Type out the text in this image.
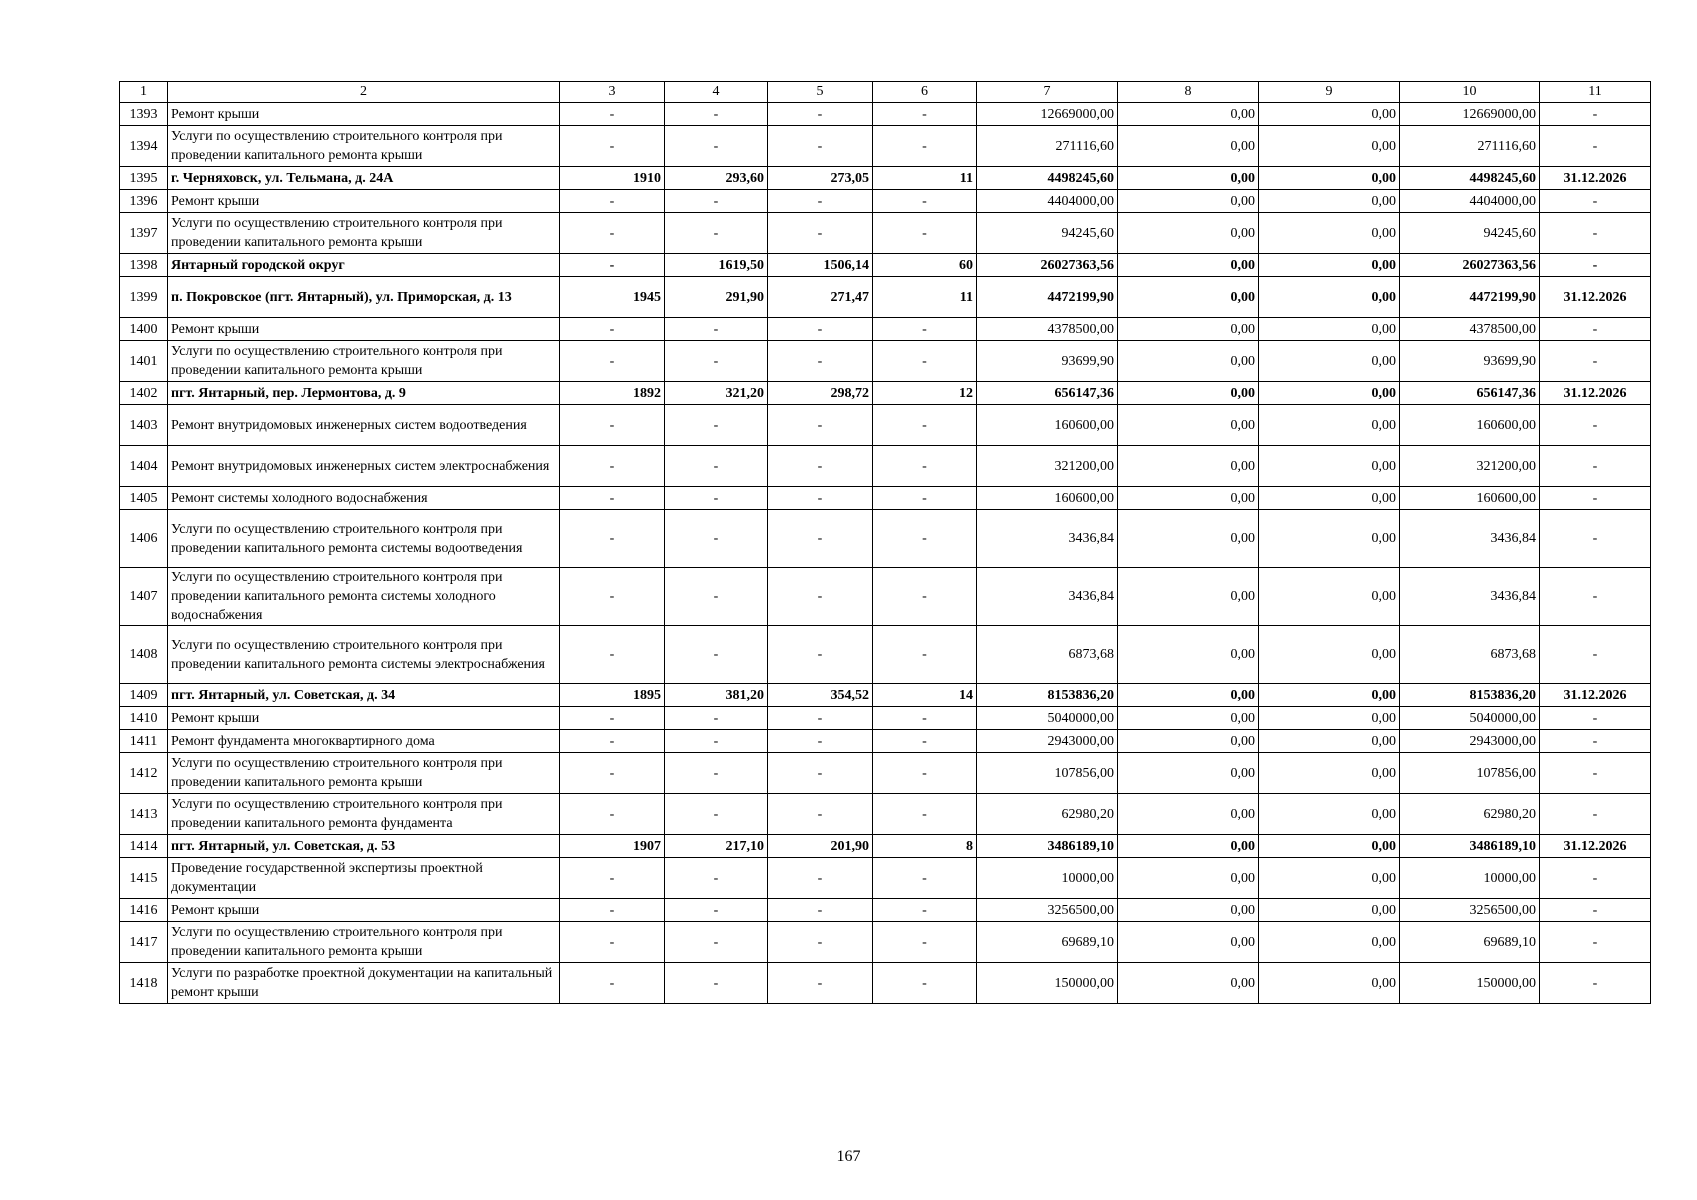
1	2	3	4	5	6	7	8	9	10	11
1393	Ремонт крыши	-	-	-	-	12669000,00	0,00	0,00	12669000,00	-
1394	Услуги по осуществлению строительного контроля при проведении капитального ремонта крыши	-	-	-	-	271116,60	0,00	0,00	271116,60	-
1395	г. Черняховск, ул. Тельмана, д. 24А	1910	293,60	273,05	11	4498245,60	0,00	0,00	4498245,60	31.12.2026
1396	Ремонт крыши	-	-	-	-	4404000,00	0,00	0,00	4404000,00	-
1397	Услуги по осуществлению строительного контроля при проведении капитального ремонта крыши	-	-	-	-	94245,60	0,00	0,00	94245,60	-
1398	Янтарный городской округ	-	1619,50	1506,14	60	26027363,56	0,00	0,00	26027363,56	-
1399	п. Покровское (пгт. Янтарный), ул. Приморская, д. 13	1945	291,90	271,47	11	4472199,90	0,00	0,00	4472199,90	31.12.2026
1400	Ремонт крыши	-	-	-	-	4378500,00	0,00	0,00	4378500,00	-
1401	Услуги по осуществлению строительного контроля при проведении капитального ремонта крыши	-	-	-	-	93699,90	0,00	0,00	93699,90	-
1402	пгт. Янтарный, пер. Лермонтова, д. 9	1892	321,20	298,72	12	656147,36	0,00	0,00	656147,36	31.12.2026
1403	Ремонт внутридомовых инженерных систем водоотведения	-	-	-	-	160600,00	0,00	0,00	160600,00	-
1404	Ремонт внутридомовых инженерных систем электроснабжения	-	-	-	-	321200,00	0,00	0,00	321200,00	-
1405	Ремонт системы холодного водоснабжения	-	-	-	-	160600,00	0,00	0,00	160600,00	-
1406	Услуги по осуществлению строительного контроля при проведении капитального ремонта системы водоотведения	-	-	-	-	3436,84	0,00	0,00	3436,84	-
1407	Услуги по осуществлению строительного контроля при проведении капитального ремонта системы холодного водоснабжения	-	-	-	-	3436,84	0,00	0,00	3436,84	-
1408	Услуги по осуществлению строительного контроля при проведении капитального ремонта системы электроснабжения	-	-	-	-	6873,68	0,00	0,00	6873,68	-
1409	пгт. Янтарный, ул. Советская, д. 34	1895	381,20	354,52	14	8153836,20	0,00	0,00	8153836,20	31.12.2026
1410	Ремонт крыши	-	-	-	-	5040000,00	0,00	0,00	5040000,00	-
1411	Ремонт фундамента многоквартирного дома	-	-	-	-	2943000,00	0,00	0,00	2943000,00	-
1412	Услуги по осуществлению строительного контроля при проведении капитального ремонта крыши	-	-	-	-	107856,00	0,00	0,00	107856,00	-
1413	Услуги по осуществлению строительного контроля при проведении капитального ремонта фундамента	-	-	-	-	62980,20	0,00	0,00	62980,20	-
1414	пгт. Янтарный, ул. Советская, д. 53	1907	217,10	201,90	8	3486189,10	0,00	0,00	3486189,10	31.12.2026
1415	Проведение государственной экспертизы проектной документации	-	-	-	-	10000,00	0,00	0,00	10000,00	-
1416	Ремонт крыши	-	-	-	-	3256500,00	0,00	0,00	3256500,00	-
1417	Услуги по осуществлению строительного контроля при проведении капитального ремонта крыши	-	-	-	-	69689,10	0,00	0,00	69689,10	-
1418	Услуги по разработке проектной документации на капитальный ремонт крыши	-	-	-	-	150000,00	0,00	0,00	150000,00	-
167
